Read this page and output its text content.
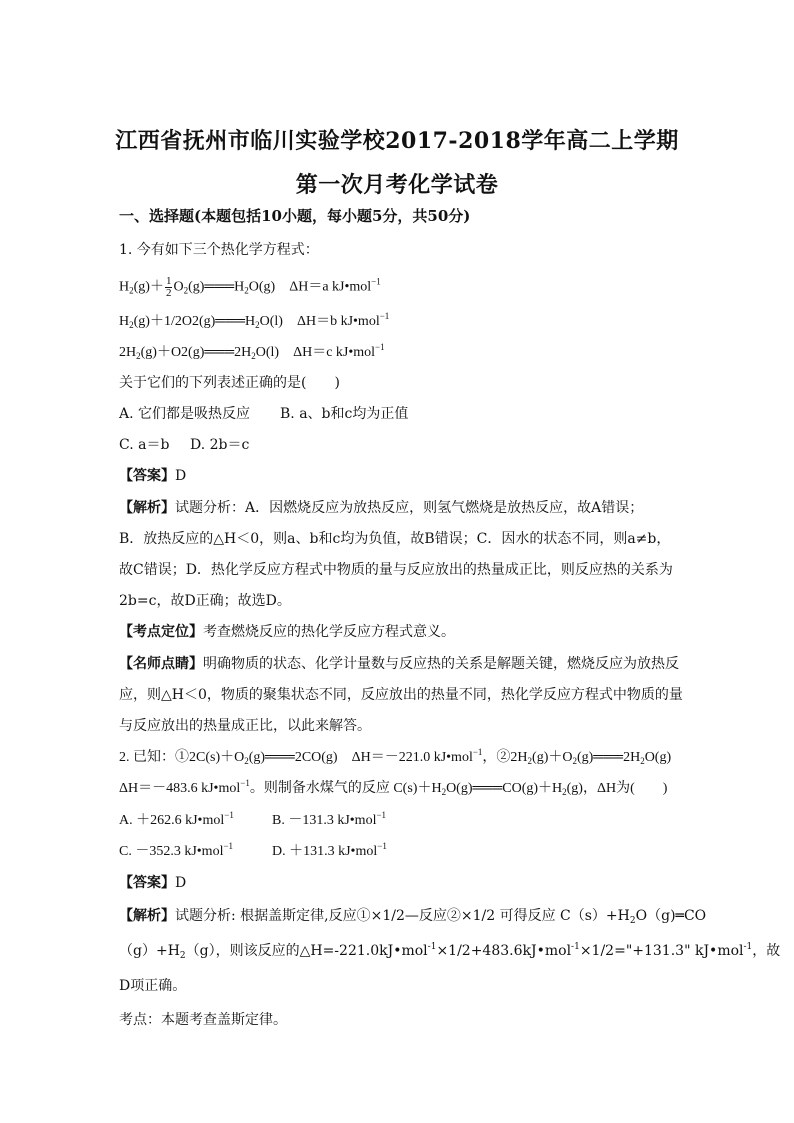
江西省抚州市临川实验学校2017-2018学年高二上学期
第一次月考化学试卷
一、选择题(本题包括10小题，每小题5分，共50分)
1. 今有如下三个热化学方程式：
$H_2(g)+ \frac{1}{2}$ $O_2(g)═══H_2O(g)$　ΔH＝a kJ•mol$^{-1}$
$H_2(g)+1/2O2(g)═══H_2O(l)$　ΔH＝b kJ•mol$^{-1}$
$2H_2(g)+O2(g)═══2H_2O(l)$　ΔH＝c kJ•mol$^{-1}$
关于它们的下列表述正确的是(　　)
A. 它们都是吸热反应 B. a、b和c均为正值
C. a＝b D. 2b＝c
【答案】D
【解析】试题分析：A．因燃烧反应为放热反应，则氢气燃烧是放热反应，故A错误；
B．放热反应的△H＜0，则a、b和c均为负值，故B错误；C．因水的状态不同，则a≠b，
故C错误；D．热化学反应方程式中物质的量与反应放出的热量成正比，则反应热的关系为
2b=c，故D正确；故选D。
【考点定位】考查燃烧反应的热化学反应方程式意义。
【名师点睛】明确物质的状态、化学计量数与反应热的关系是解题关键，燃烧反应为放热反
应，则△H＜0，物质的聚集状态不同，反应放出的热量不同，热化学反应方程式中物质的量
与反应放出的热量成正比，以此来解答。
2. 已知：$①2C(s)+O_2(g)═══2CO(g)$　ΔH＝－221.0 kJ•mol$^{-1}$，$②2H_2(g)+O_2(g)═══2H_2O(g)$
ΔH＝－483.6 kJ•mol$^{-1}$。则制备水煤气的反应 $C(s)+H_2O(g)═══CO(g)+H_2(g)$，ΔH为(　　)
A. ＋262.6 kJ•mol$^{-1}$	B. －131.3 kJ•mol$^{-1}$
C. －352.3 kJ•mol$^{-1}$	D. ＋131.3 kJ•mol$^{-1}$
【答案】D
【解析】试题分析: 根据盖斯定律,反应①×1/2—反应②×1/2 可得反应 $C(s)+H_2O(g)═CO$
$(g)+H_2(g)$，则该反应的△H=-221.0kJ•mol$^{-1}$×1/2+483.6kJ•mol$^{-1}$×1/2="+131.3" kJ•mol$^{-1}$，故
D项正确。
考点：本题考查盖斯定律。
